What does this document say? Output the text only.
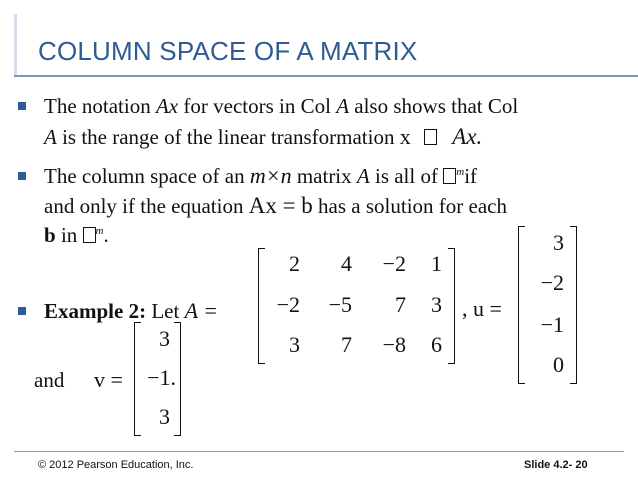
COLUMN SPACE OF A MATRIX
The notation Ax for vectors in Col A also shows that Col
A is the range of the linear transformation x Ax.
The column space of an m×n matrix A is all of $^m$if
and only if the equation Ax = b has a solution for each
b in $^m$.
Example 2: Let A =
2	4	−2	1
−2	−5	7	3
3	7	−8	6
, u =
3
−2
−1
0
and v =
3
−1.
3
© 2012 Pearson Education, Inc.	Slide 4.2- 20
